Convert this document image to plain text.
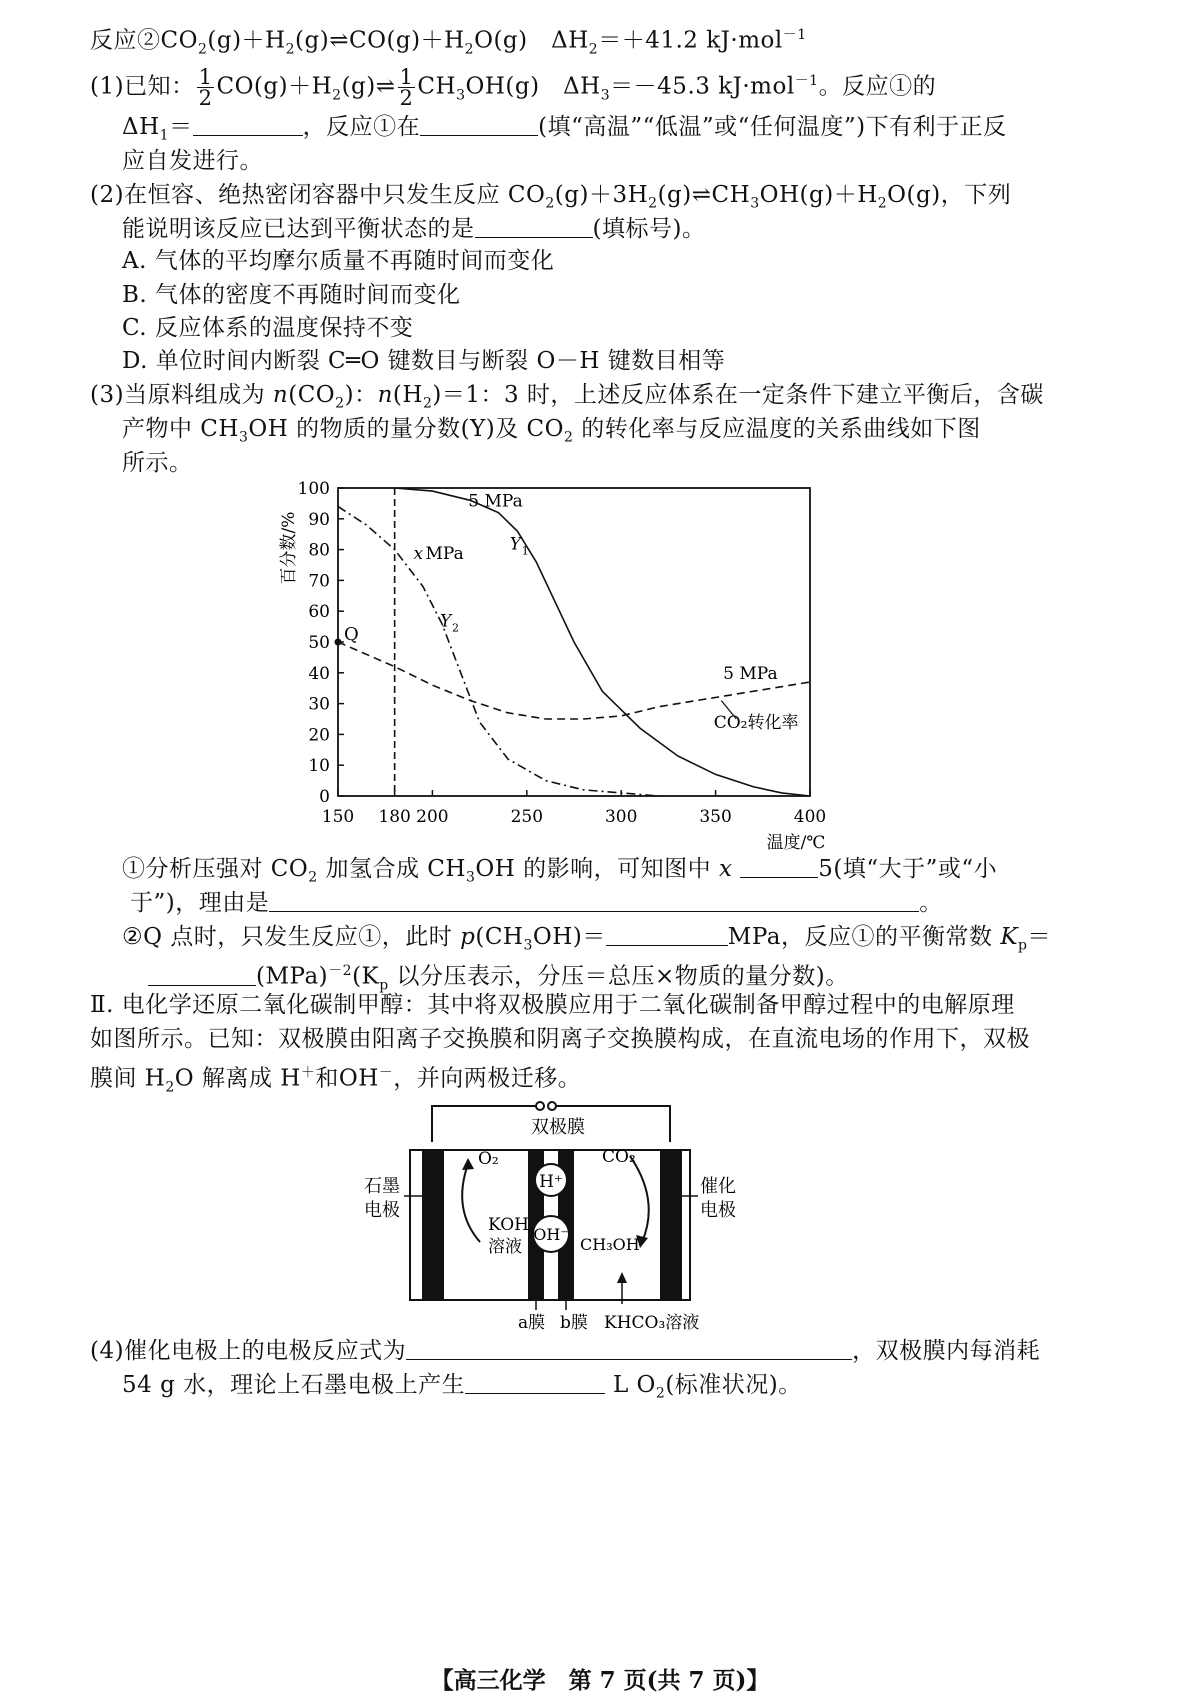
反应$②CO_2(g)+H_2(g)\rightleftharpoons CO(g)+H_2O(g)$　$\Delta H_2=+41.2$ kJ·mol$^{-1}$
(1)已知： $\frac{1}{2}$ $CO(g)+H_2(g)\rightleftharpoons \frac{1}{2} CH_3OH(g)$　$\Delta H_3=-45.3$ kJ·mol$^{-1}$。反应①的
$\Delta H_1=$	，反应①在	(填“高温”“低温”或“任何温度”)下有利于正反
应自发进行。
(2)在恒容、绝热密闭容器中只发生反应 $CO_2(g)+3H_2(g)\rightleftharpoons CH_3OH(g)+H_2O(g)$，下列
能说明该反应已达到平衡状态的是	(填标号)。
A. 气体的平均摩尔质量不再随时间而变化
B. 气体的密度不再随时间而变化
C. 反应体系的温度保持不变
D. 单位时间内断裂 C═O 键数目与断裂 O－H 键数目相等
(3)当原料组成为 $n(CO_2)$：$n(H_2)=1$：3 时，上述反应体系在一定条件下建立平衡后，含碳
产物中 $CH_3OH$ 的物质的量分数(Y)及 $CO_2$ 的转化率与反应温度的关系曲线如下图
所示。
0
10
20
30
40
50
60
70
80
90
100
150 180 200	250	300	350	400
温度/℃
百分数/%
Q
5 MPa
Y 1
x MPa
Y 2
5 MPa
CO₂转化率
①分析压强对 $CO_2$ 加氢合成 $CH_3OH$ 的影响，可知图中 x	5(填“大于”或“小
于”)，理由是	。
②Q 点时，只发生反应①，此时 $p(CH_3OH)=$	MPa，反应①的平衡常数 $K_p=$
$(MPa)^{-2}(K_p$ 以分压表示，分压＝总压×物质的量分数)。
Ⅱ. 电化学还原二氧化碳制甲醇：其中将双极膜应用于二氧化碳制备甲醇过程中的电解原理
如图所示。已知：双极膜由阳离子交换膜和阴离子交换膜构成，在直流电场的作用下，双极
膜间 $H_2O$ 解离成 H＋和OH－，并向两极迁移。
双极膜
H⁺
OH⁻
O₂
KOH
溶液
CO₂
CH₃OH
石墨
电极
催化
电极
a膜 b膜 KHCO₃溶液
(4)催化电极上的电极反应式为	，双极膜内每消耗
54 g 水，理论上石墨电极上产生	L $O_2$(标准状况)。
【高三化学　第 7 页(共 7 页)】
